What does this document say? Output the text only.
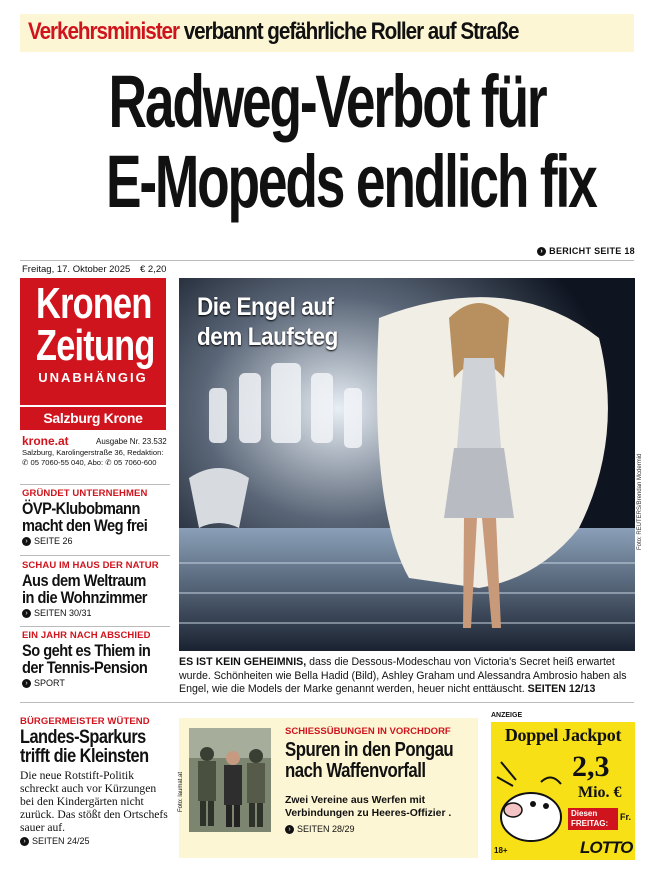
Verkehrsminister verbannt gefährliche Roller auf Straße
Radweg-Verbot für
E-Mopeds endlich fix
› BERICHT SEITE 18
Freitag, 17. Oktober 2025 € 2,20
Kronen
Zeitung
UNABHÄNGIG
Salzburg Krone
krone.at	Ausgabe Nr. 23.532
Salzburg, Karolingerstraße 36, Redaktion:
✆ 05 7060-55 040, Abo: ✆ 05 7060-600
GRÜNDET UNTERNEHMEN
ÖVP-Klubobmann
macht den Weg frei
› SEITE 26
SCHAU IM HAUS DER NATUR
Aus dem Weltraum
in die Wohnzimmer
› SEITEN 30/31
EIN JAHR NACH ABSCHIED
So geht es Thiem in
der Tennis-Pension
› SPORT
Die Engel auf
dem Laufsteg
Foto: REUTERS/Brendan Mcdermid
ES IST KEIN GEHEIMNIS, dass die Dessous-Modeschau von Victoria's Secret heiß erwartet wurde. Schönheiten wie Bella Hadid (Bild), Ashley Graham und Alessandra Ambrosio haben als Engel, wie die Models der Marke genannt werden, heuer nicht enttäuscht. SEITEN 12/13
BÜRGERMEISTER WÜTEND
Landes-Sparkurs
trifft die Kleinsten
Die neue Rotstift-Politik schreckt auch vor Kürzungen bei den Kindergärten nicht zurück. Das stößt den Ortschefs sauer auf.
› SEITEN 24/25
Foto: laumat.at
SCHIESSÜBUNGEN IN VORCHDORF
Spuren in den Pongau
nach Waffenvorfall
Zwei Vereine aus Werfen mit Verbindungen zu Heeres-Offizier .
› SEITEN 28/29
ANZEIGE
Doppel Jackpot
2,3
Mio. €
Diesen FREITAG:
Fr.
18+	LOTTO
